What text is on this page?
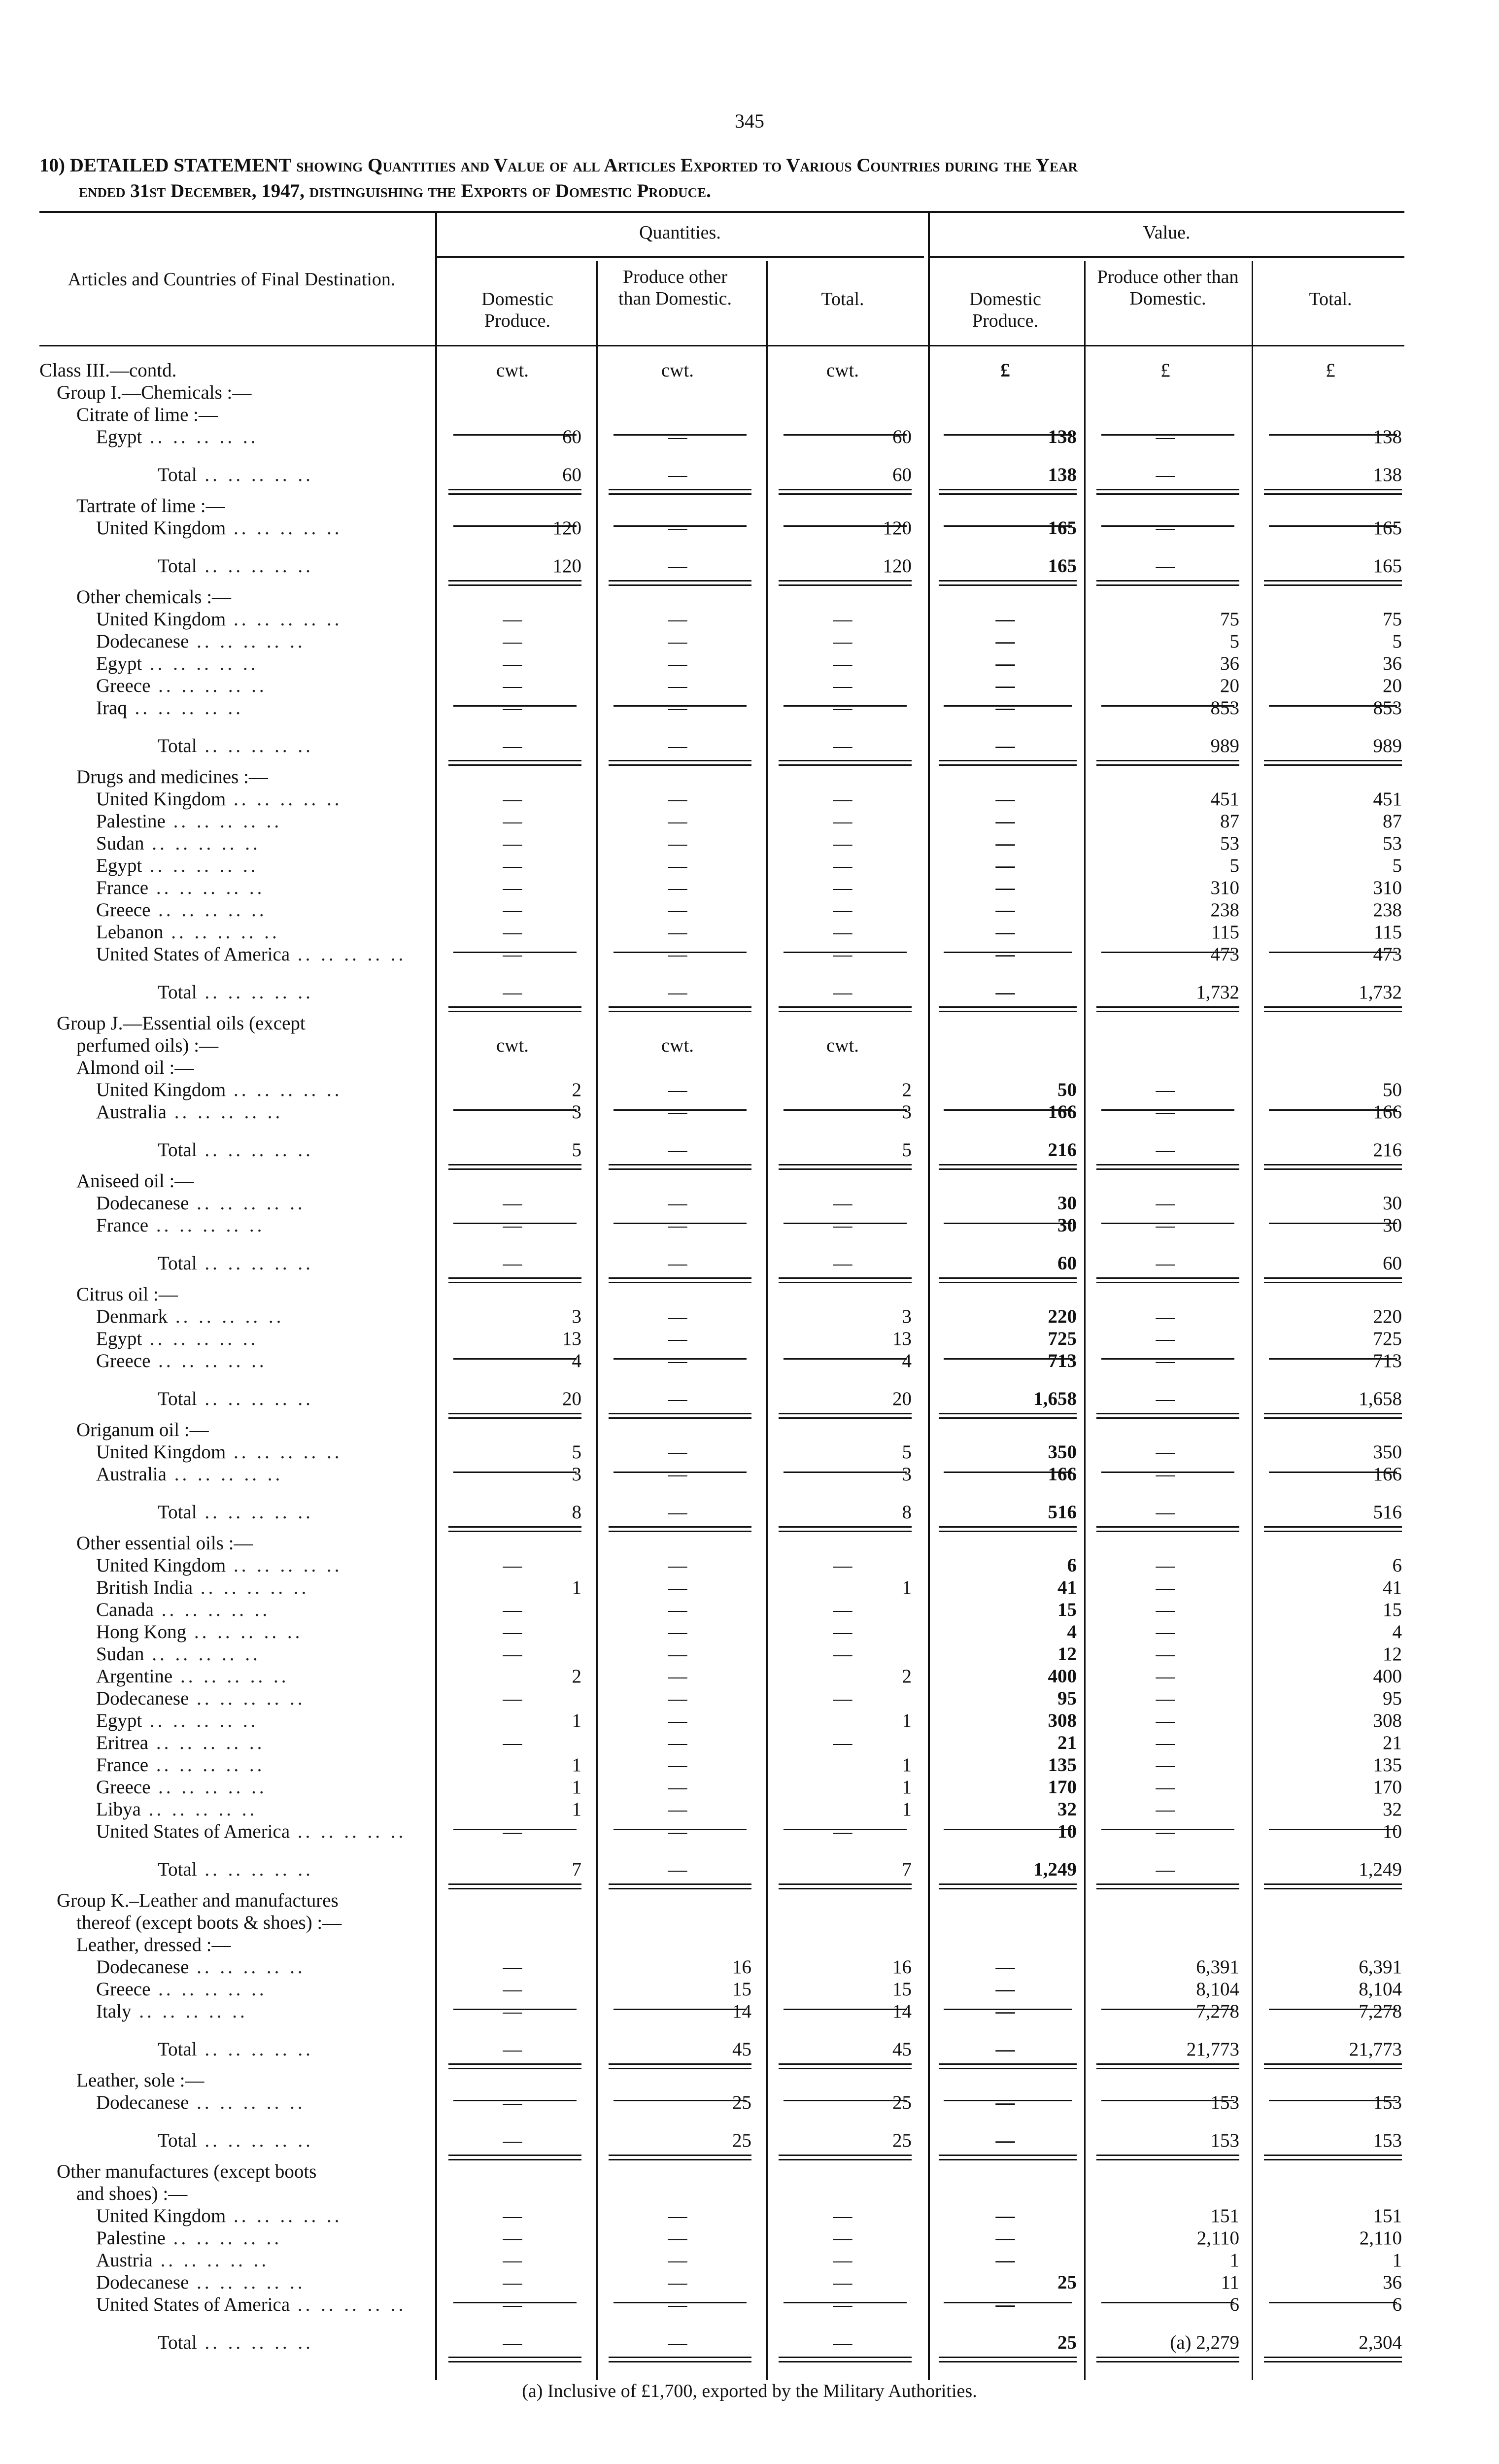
345
10) DETAILED STATEMENT showing Quantities and Value of all Articles Exported to Various Countries during the Year
ended 31st December, 1947, distinguishing the Exports of Domestic Produce.
Articles and Countries of Final Destination.
Quantities.	Value.
Domestic Produce.
Produce other than Domestic.	Total.	Domestic Produce.
Produce other than Domestic.	Total.
Class III.—contd.	cwt.	cwt.	cwt.	£	£	£
Group I.—Chemicals :—
Citrate of lime :—
Egypt .. .. .. .. ..	60	—	60	138	—	138
Total .. .. .. .. ..	60	—	60	138	—	138
Tartrate of lime :—
United Kingdom .. .. .. .. ..	120	—	120	165	—	165
Total .. .. .. .. ..	120	—	120	165	—	165
Other chemicals :—
United Kingdom .. .. .. .. ..	—	—	—	—	75	75
Dodecanese .. .. .. .. ..	—	—	—	—	5	5
Egypt .. .. .. .. ..	—	—	—	—	36	36
Greece .. .. .. .. ..	—	—	—	—	20	20
Iraq .. .. .. .. ..	—	—	—	—	853	853
Total .. .. .. .. ..	—	—	—	—	989	989
Drugs and medicines :—
United Kingdom .. .. .. .. ..	—	—	—	—	451	451
Palestine .. .. .. .. ..	—	—	—	—	87	87
Sudan .. .. .. .. ..	—	—	—	—	53	53
Egypt .. .. .. .. ..	—	—	—	—	5	5
France .. .. .. .. ..	—	—	—	—	310	310
Greece .. .. .. .. ..	—	—	—	—	238	238
Lebanon .. .. .. .. ..	—	—	—	—	115	115
United States of America .. .. .. .. ..	—	—	—	—	473	473
Total .. .. .. .. ..	—	—	—	—	1,732	1,732
Group J.—Essential oils (except
perfumed oils) :—	cwt.	cwt.	cwt.
Almond oil :—
United Kingdom .. .. .. .. ..	2	—	2	50	—	50
Australia .. .. .. .. ..	3	—	3	166	—	166
Total .. .. .. .. ..	5	—	5	216	—	216
Aniseed oil :—
Dodecanese .. .. .. .. ..	—	—	—	30	—	30
France .. .. .. .. ..	—	—	—	30	—	30
Total .. .. .. .. ..	—	—	—	60	—	60
Citrus oil :—
Denmark .. .. .. .. ..	3	—	3	220	—	220
Egypt .. .. .. .. ..	13	—	13	725	—	725
Greece .. .. .. .. ..	4	—	4	713	—	713
Total .. .. .. .. ..	20	—	20	1,658	—	1,658
Origanum oil :—
United Kingdom .. .. .. .. ..	5	—	5	350	—	350
Australia .. .. .. .. ..	3	—	3	166	—	166
Total .. .. .. .. ..	8	—	8	516	—	516
Other essential oils :—
United Kingdom .. .. .. .. ..	—	—	—	6	—	6
British India .. .. .. .. ..	1	—	1	41	—	41
Canada .. .. .. .. ..	—	—	—	15	—	15
Hong Kong .. .. .. .. ..	—	—	—	4	—	4
Sudan .. .. .. .. ..	—	—	—	12	—	12
Argentine .. .. .. .. ..	2	—	2	400	—	400
Dodecanese .. .. .. .. ..	—	—	—	95	—	95
Egypt .. .. .. .. ..	1	—	1	308	—	308
Eritrea .. .. .. .. ..	—	—	—	21	—	21
France .. .. .. .. ..	1	—	1	135	—	135
Greece .. .. .. .. ..	1	—	1	170	—	170
Libya .. .. .. .. ..	1	—	1	32	—	32
United States of America .. .. .. .. ..	—	—	—	10	—	10
Total .. .. .. .. ..	7	—	7	1,249	—	1,249
Group K.–Leather and manufactures
thereof (except boots & shoes) :—
Leather, dressed :—
Dodecanese .. .. .. .. ..	—	16	16	—	6,391	6,391
Greece .. .. .. .. ..	—	15	15	—	8,104	8,104
Italy .. .. .. .. ..	—	14	14	—	7,278	7,278
Total .. .. .. .. ..	—	45	45	—	21,773	21,773
Leather, sole :—
Dodecanese .. .. .. .. ..	—	25	25	—	153	153
Total .. .. .. .. ..	—	25	25	—	153	153
Other manufactures (except boots
and shoes) :—
United Kingdom .. .. .. .. ..	—	—	—	—	151	151
Palestine .. .. .. .. ..	—	—	—	—	2,110	2,110
Austria .. .. .. .. ..	—	—	—	—	1	1
Dodecanese .. .. .. .. ..	—	—	—	25	11	36
United States of America .. .. .. .. ..	—	—	—	—	6	6
Total .. .. .. .. ..	—	—	—	25	(a) 2,279	2,304
(a) Inclusive of £1,700, exported by the Military Authorities.
